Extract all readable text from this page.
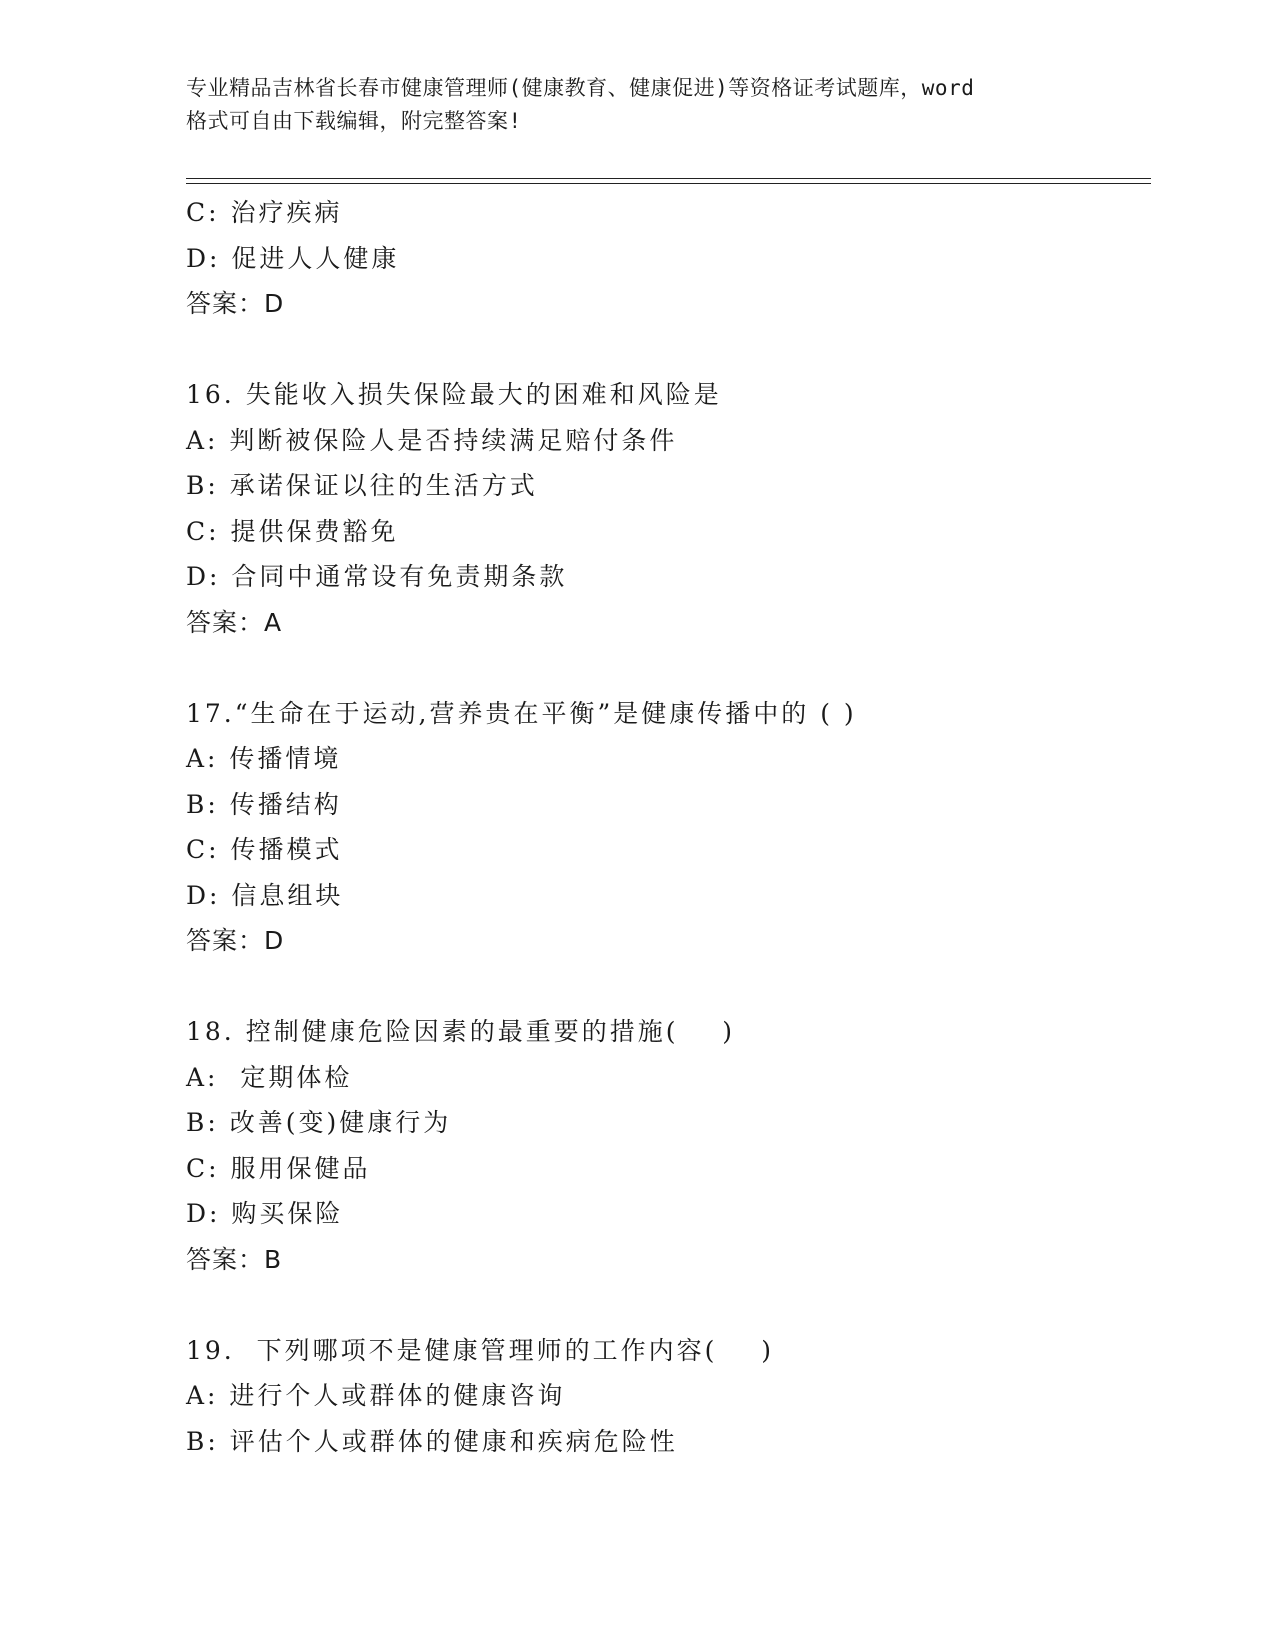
专业精品吉林省长春市健康管理师(健康教育、健康促进)等资格证考试题库，word
格式可自由下载编辑，附完整答案!
C: 治疗疾病
D: 促进人人健康
答案：D
16. 失能收入损失保险最大的困难和风险是
A: 判断被保险人是否持续满足赔付条件
B: 承诺保证以往的生活方式
C: 提供保费豁免
D: 合同中通常设有免责期条款
答案：A
17.“生命在于运动,营养贵在平衡”是健康传播中的 ( )
A: 传播情境
B: 传播结构
C: 传播模式
D: 信息组块
答案：D
18. 控制健康危险因素的最重要的措施(    )
A:  定期体检
B: 改善(变)健康行为
C: 服用保健品
D: 购买保险
答案：B
19.  下列哪项不是健康管理师的工作内容(    )
A: 进行个人或群体的健康咨询
B: 评估个人或群体的健康和疾病危险性
